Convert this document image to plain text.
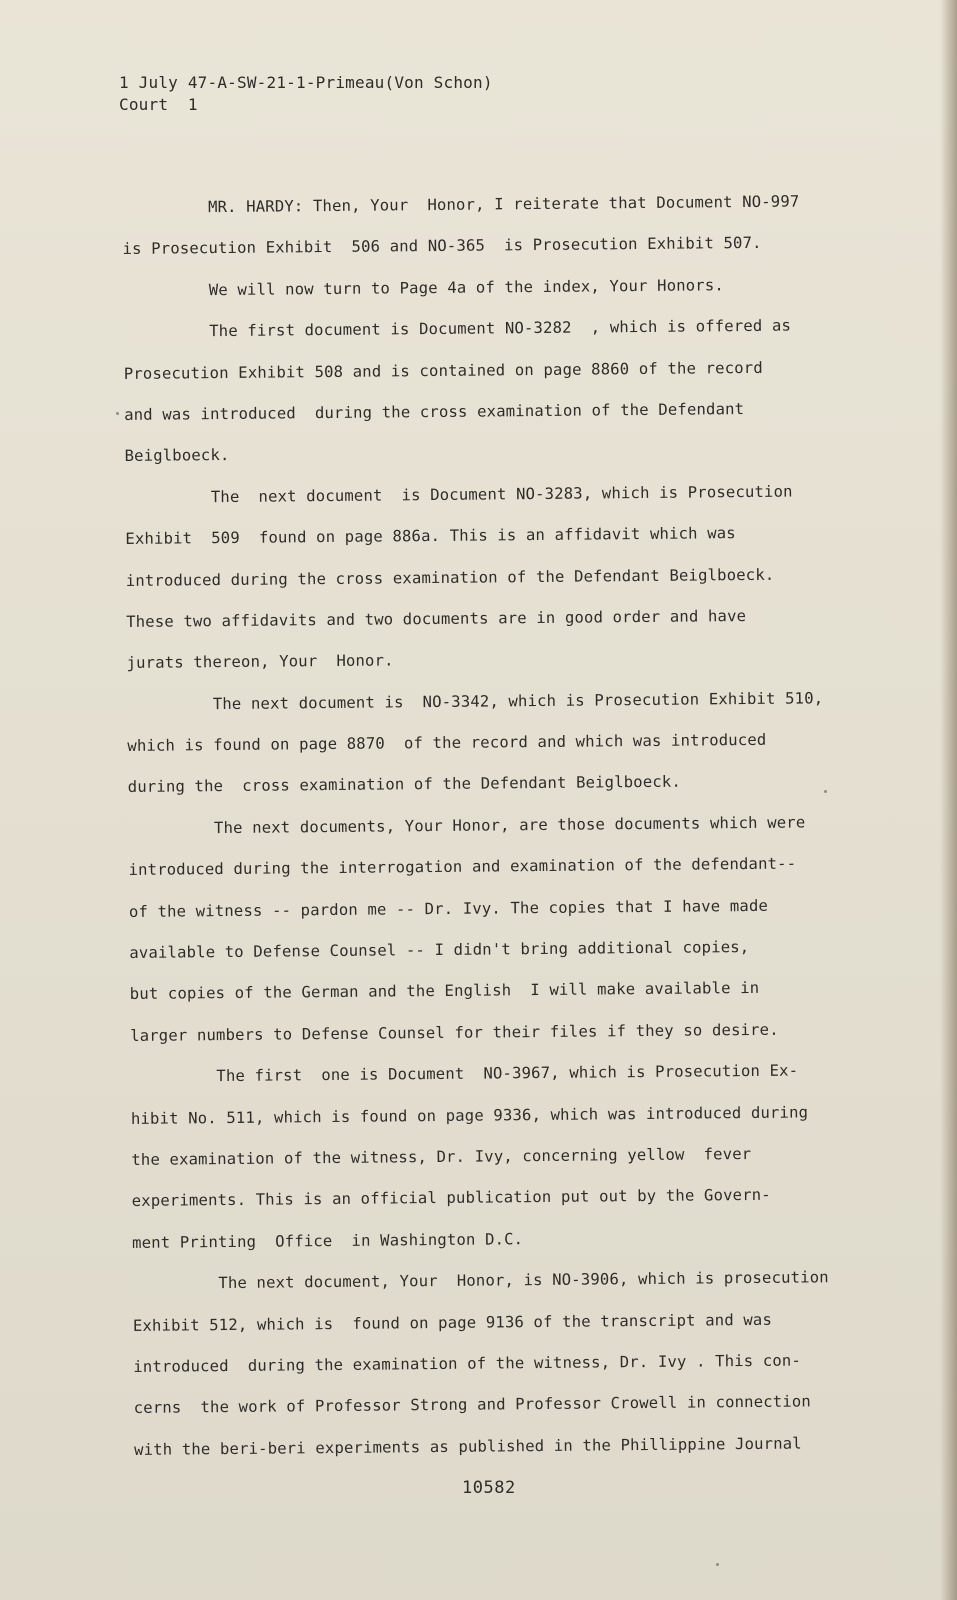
1 July 47-A-SW-21-1-Primeau(Von Schon)
Court  1
MR. HARDY: Then, Your  Honor, I reiterate that Document NO-997
is Prosecution Exhibit  506 and NO-365  is Prosecution Exhibit 507.
We will now turn to Page 4a of the index, Your Honors.
The first document is Document NO-3282  , which is offered as
Prosecution Exhibit 508 and is contained on page 8860 of the record
and was introduced  during the cross examination of the Defendant
Beiglboeck.
The  next document  is Document NO-3283, which is Prosecution
Exhibit  509  found on page 886a. This is an affidavit which was
introduced during the cross examination of the Defendant Beiglboeck.
These two affidavits and two documents are in good order and have
jurats thereon, Your  Honor.
The next document is  NO-3342, which is Prosecution Exhibit 510,
which is found on page 8870  of the record and which was introduced
during the  cross examination of the Defendant Beiglboeck.
The next documents, Your Honor, are those documents which were
introduced during the interrogation and examination of the defendant--
of the witness -- pardon me -- Dr. Ivy. The copies that I have made
available to Defense Counsel -- I didn't bring additional copies,
but copies of the German and the English  I will make available in
larger numbers to Defense Counsel for their files if they so desire.
The first  one is Document  NO-3967, which is Prosecution Ex-
hibit No. 511, which is found on page 9336, which was introduced during
the examination of the witness, Dr. Ivy, concerning yellow  fever
experiments. This is an official publication put out by the Govern-
ment Printing  Office  in Washington D.C.
The next document, Your  Honor, is NO-3906, which is prosecution
Exhibit 512, which is  found on page 9136 of the transcript and was
introduced  during the examination of the witness, Dr. Ivy . This con-
cerns  the work of Professor Strong and Professor Crowell in connection
with the beri-beri experiments as published in the Phillippine Journal
10582
